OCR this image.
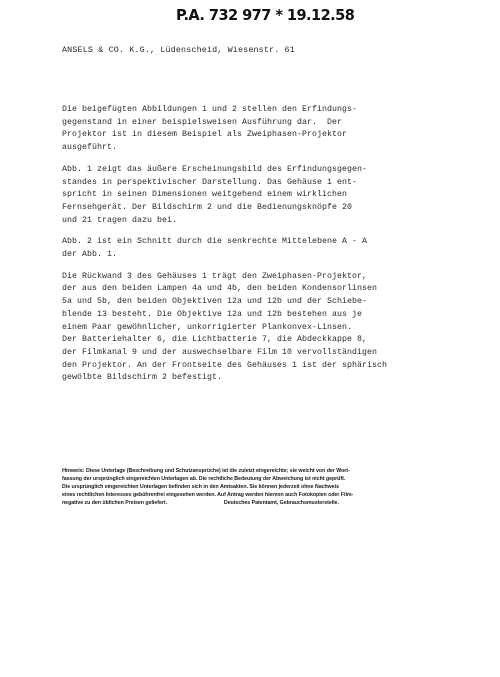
P.A. 732 977 * 19.12.58
ANSELS & CO. K.G., Lüdenscheid, Wiesenstr. 61
Die beigefügten Abbildungen 1 und 2 stellen den Erfindungs-
gegenstand in einer beispielsweisen Ausführung dar.  Der
Projektor ist in diesem Beispiel als Zweiphasen-Projektor
ausgeführt.
Abb. 1 zeigt das äußere Erscheinungsbild des Erfindungsgegen-
standes in perspektivischer Darstellung. Das Gehäuse 1 ent-
spricht in seinen Dimensionen weitgehend einem wirklichen
Fernsehgerät. Der Bildschirm 2 und die Bedienungsknöpfe 20
und 21 tragen dazu bei.
Abb. 2 ist ein Schnitt durch die senkrechte Mittelebene A - A
der Abb. 1.
Die Rückwand 3 des Gehäuses 1 trägt den Zweiphasen-Projektor,
der aus den beiden Lampen 4a und 4b, den beiden Kondensorlinsen
5a und 5b, den beiden Objektiven 12a und 12b und der Schiebe-
blende 13 besteht. Die Objektive 12a und 12b bestehen aus je
einem Paar gewöhnlicher, unkorrigierter Plankonvex-Linsen.
Der Batteriehalter 6, die Lichtbatterie 7, die Abdeckkappe 8,
der Filmkanal 9 und der auswechselbare Film 10 vervollständigen
den Projektor. An der Frontseite des Gehäuses 1 ist der sphärisch
gewölbte Bildschirm 2 befestigt.
Hinweis: Diese Unterlage (Beschreibung und Schutzansprüche) ist die zuletzt eingereichte; sie weicht von der Wort-
fassung der ursprünglich eingereichten Unterlagen ab. Die rechtliche Bedeutung der Abweichung ist nicht geprüft.
Die ursprünglich eingereichten Unterlagen befinden sich in den Amtsakten. Sie können jederzeit ohne Nachweis
eines rechtlichen Interesses gebührenfrei eingesehen werden. Auf Antrag werden hiervon auch Fotokopien oder Film-
negative zu den üblichen Preisen geliefert.                                        Deutsches Patentamt, Gebrauchsmusterstelle.
